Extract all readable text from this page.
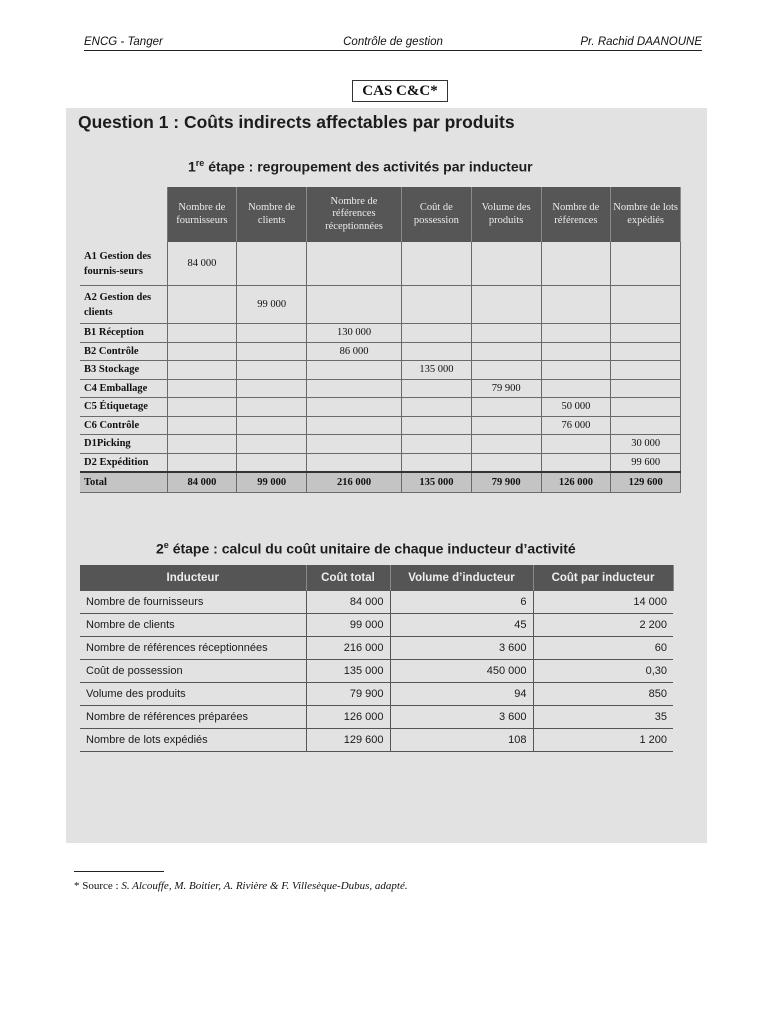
ENCG - Tanger	Contrôle de gestion	Pr. Rachid DAANOUNE
CAS C&C*
Question 1 : Coûts indirects affectables par produits
1re étape : regroupement des activités par inducteur
	Nombre de fournisseurs	Nombre de clients	Nombre de références réceptionnées	Coût de possession	Volume des produits	Nombre de références	Nombre de lots expédiés
A1 Gestion des fournis-seurs	84 000						
A2 Gestion des clients		99 000					
B1 Réception			130 000				
B2 Contrôle			86 000				
B3 Stockage				135 000			
C4 Emballage					79 900		
C5 Étiquetage						50 000	
C6 Contrôle						76 000	
D1Picking							30 000
D2 Expédition							99 600
Total	84 000	99 000	216 000	135 000	79 900	126 000	129 600
2e étape : calcul du coût unitaire de chaque inducteur d’activité
Inducteur	Coût total	Volume d’inducteur	Coût par inducteur
Nombre de fournisseurs	84 000	6	14 000
Nombre de clients	99 000	45	2 200
Nombre de références réceptionnées	216 000	3 600	60
Coût de possession	135 000	450 000	0,30
Volume des produits	79 900	94	850
Nombre de références préparées	126 000	3 600	35
Nombre de lots expédiés	129 600	108	1 200
* Source : S. Alcouffe, M. Boitier, A. Rivière & F. Villesèque-Dubus, adapté.
